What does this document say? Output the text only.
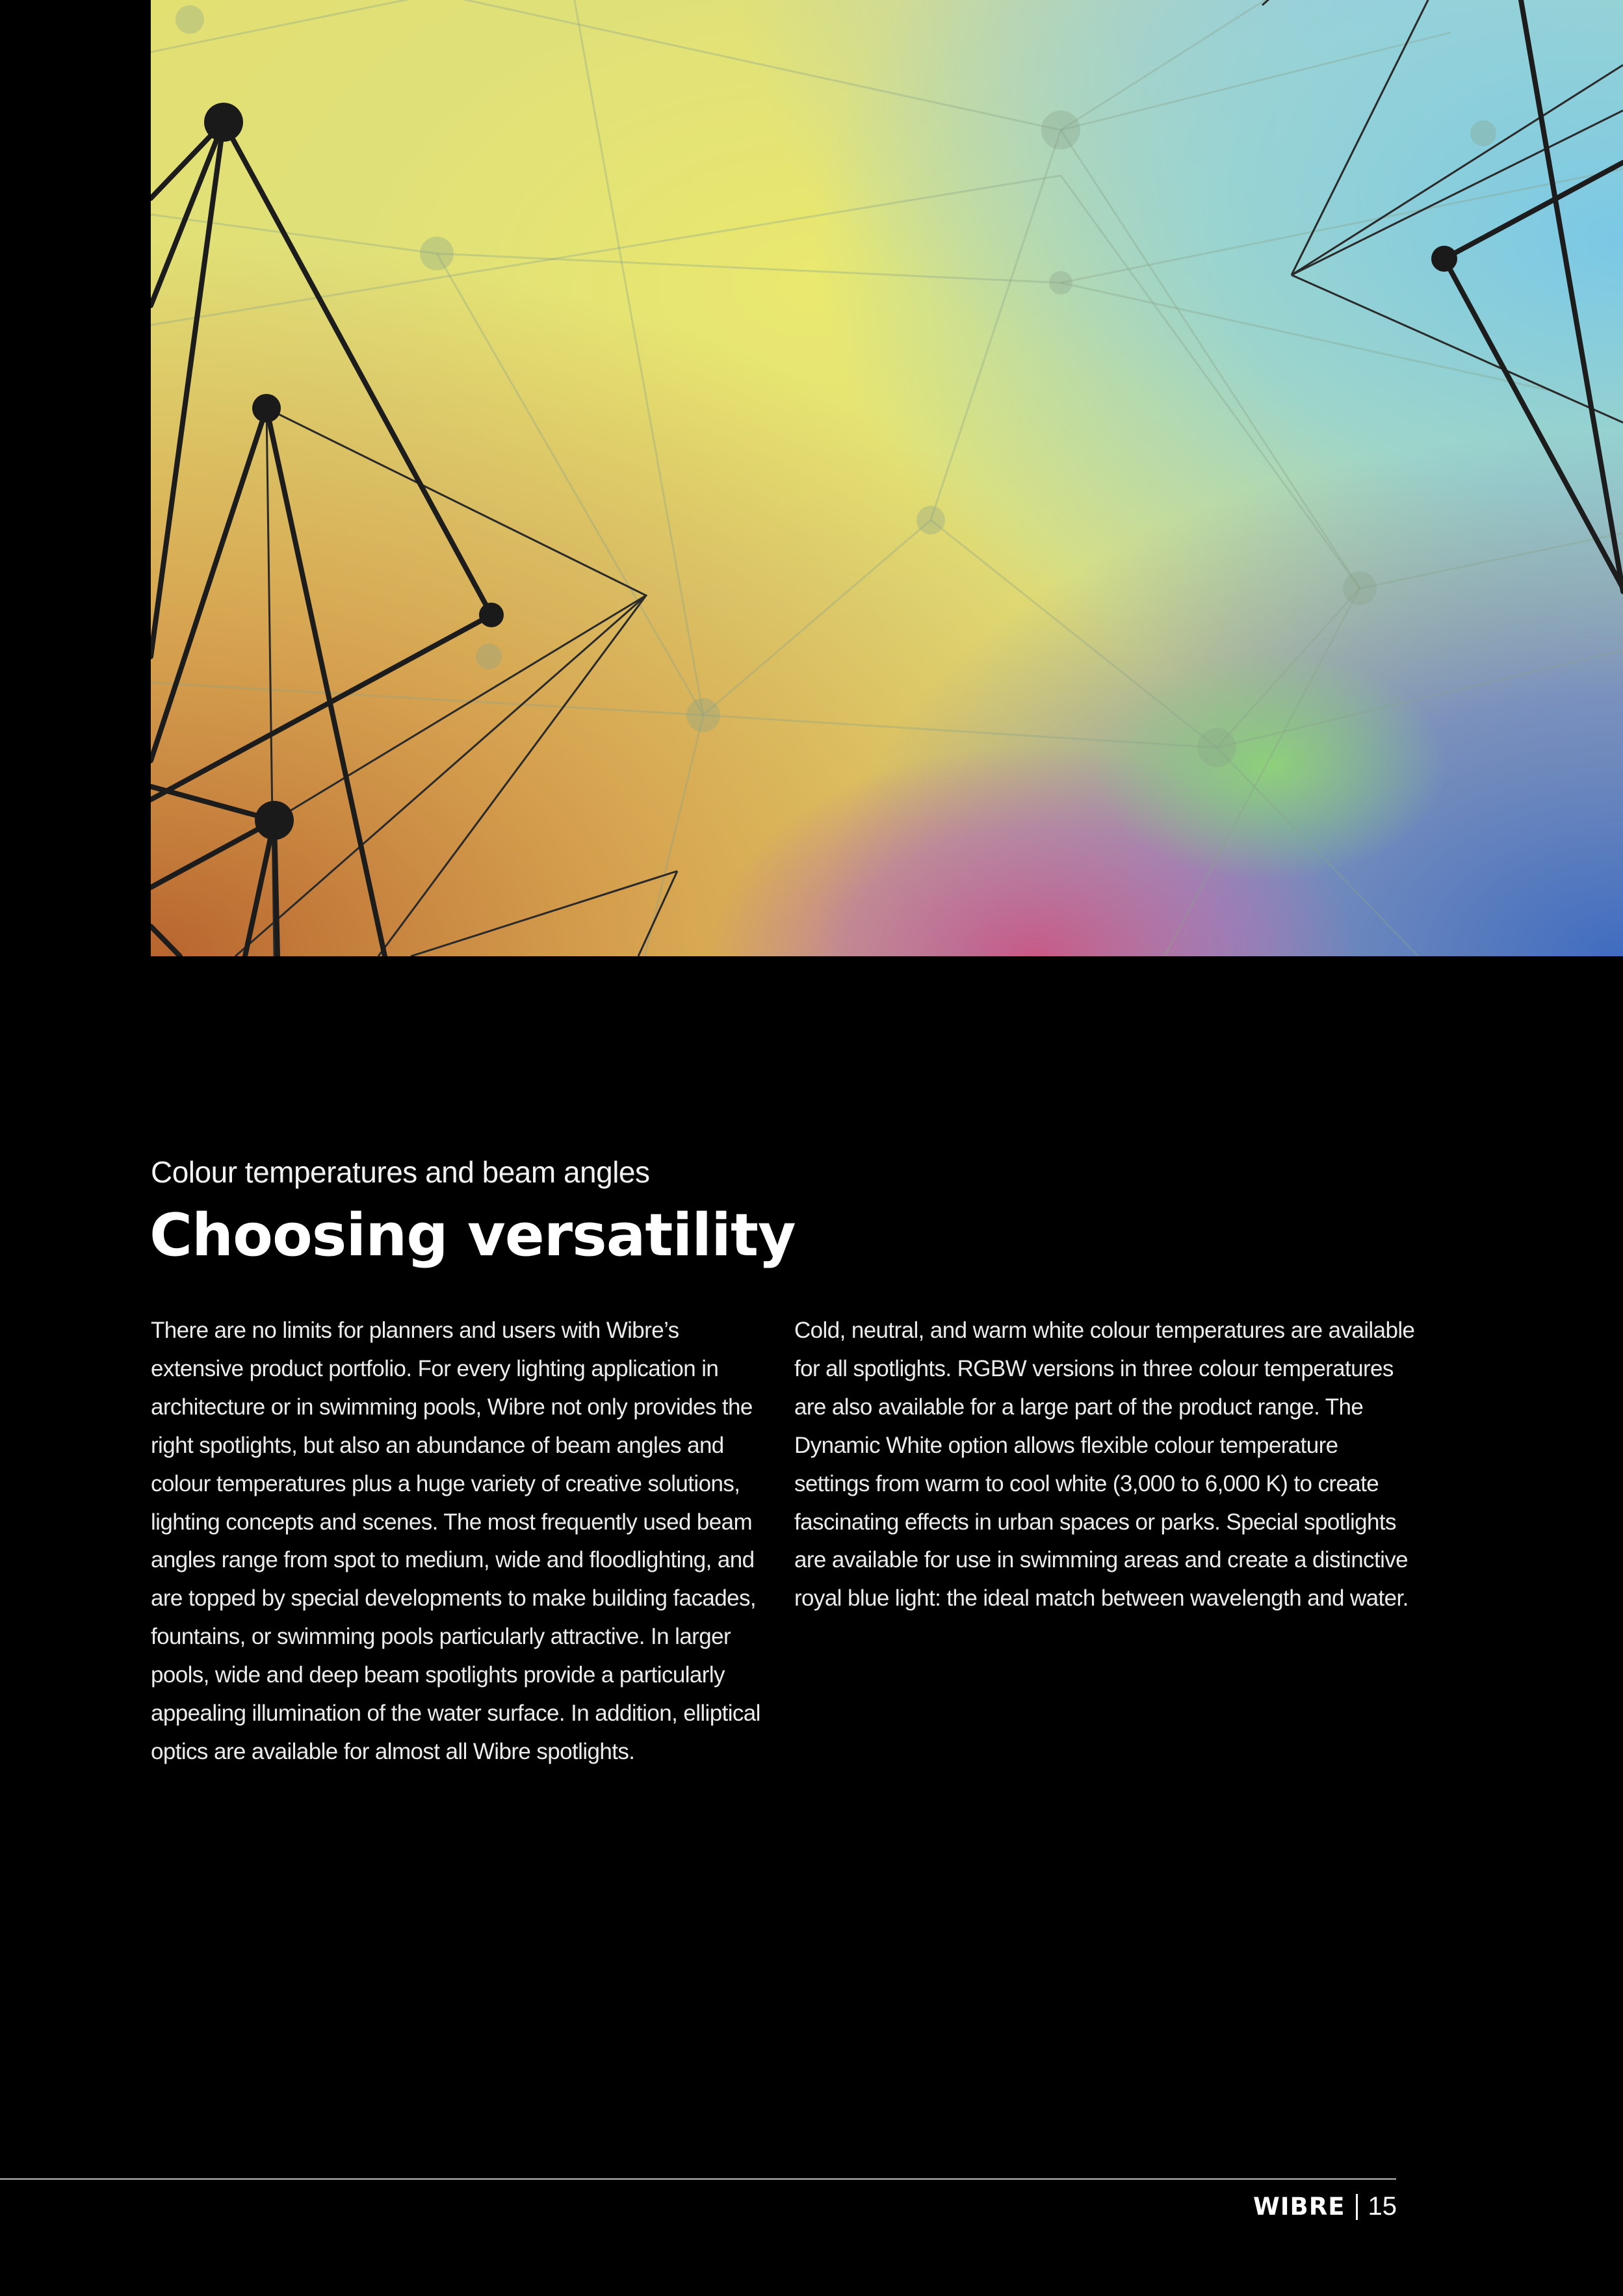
Colour temperatures and beam angles
Choosing versatility

There are no limits for planners and users with Wibre’s extensive product portfolio. For every lighting application in architecture or in swimming pools, Wibre not only provides the right spotlights, but also an abundance of beam angles and colour temperatures plus a huge variety of creative solutions, lighting concepts and scenes. The most frequently used beam angles range from spot to medium, wide and floodlighting, and are topped by special developments to make building facades, fountains, or swimming pools particularly attractive. In larger pools, wide and deep beam spotlights provide a particularly appealing illumination of the water surface. In addition, elliptical optics are available for almost all Wibre spotlights.

Cold, neutral, and warm white colour temperatures are available for all spotlights. RGBW versions in three colour temperatures are also available for a large part of the product range. The Dynamic White option allows flexible colour temperature settings from warm to cool white (3,000 to 6,000 K) to create fascinating effects in urban spaces or parks. Special spotlights are available for use in swimming areas and create a distinctive royal blue light: the ideal match between wavelength and water.

WIBRE 15
